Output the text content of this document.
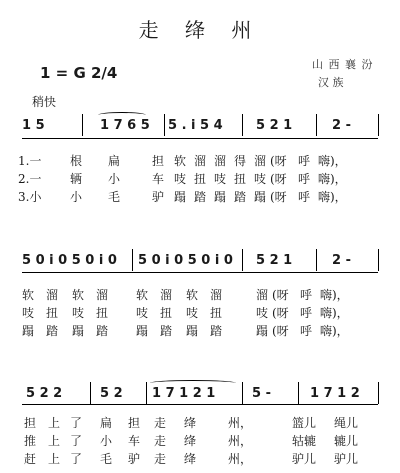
走 绛 州
1 = G 2/4
稍快
山 西 襄 汾
汉 族
1 5	1 7 6 5 5 . i 5 4	5 2 1	2 -
1.一 根 扁	担 软 溜 溜 得 溜 (呀 呼 嗨)，
2.一 辆 小	车 吱 扭 吱 扭 吱 (呀 呼 嗨)，
3.小 小 毛	驴 蹋 踏 蹋 踏 蹋 (呀 呼 嗨)，
5 0 i 0 5 0 i 0 5 0 i 0 5 0 i 0 5 2 1	2 -
软 溜 软 溜 软 溜 软 溜	溜 (呀 呼 嗨)，
吱 扭 吱 扭 吱 扭 吱 扭	吱 (呀 呼 嗨)，
蹋 踏 蹋 踏 蹋 踏 蹋 踏	蹋 (呀 呼 嗨)，
5 2 2	5 2 1 7 1 2 1	5 -	1 7 1 2
担 上 了 扁 担 走 绛	州，	篮儿 绳儿
推 上 了 小 车 走 绛	州，	轱辘 辘儿
赶 上 了 毛 驴 走 绛	州，	驴儿 驴儿
